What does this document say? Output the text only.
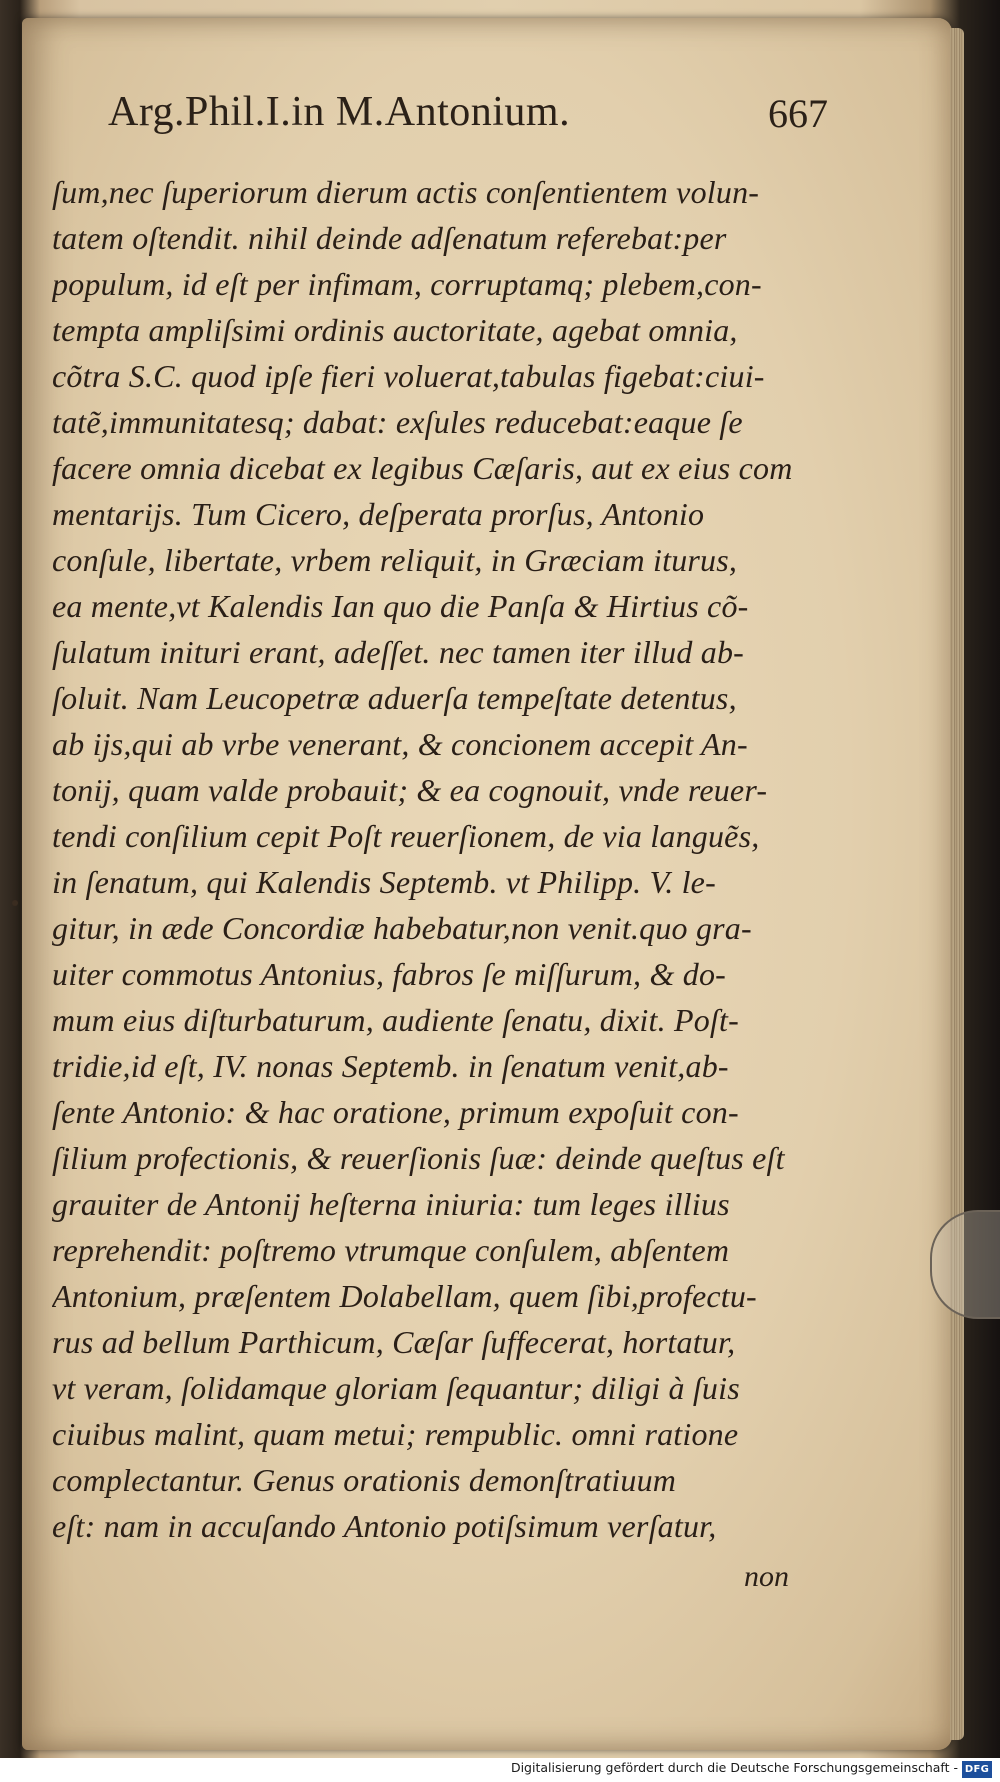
Arg.Phil.I.in M.Antonium.	667
ſum,nec ſuperiorum dierum actis conſentientem volun-
tatem oſtendit. nihil deinde adſenatum referebat:per
populum, id eſt per infimam, corruptamq; plebem,con-
tempta ampliſsimi ordinis auctoritate, agebat omnia,
cõtra S.C. quod ipſe fieri voluerat,tabulas figebat:ciui-
tatẽ,immunitatesq; dabat: exſules reducebat:eaque ſe
facere omnia dicebat ex legibus Cæſaris, aut ex eius com
mentarijs. Tum Cicero, deſperata prorſus, Antonio
conſule, libertate, vrbem reliquit, in Græciam iturus,
ea mente,vt Kalendis Ian quo die Panſa & Hirtius cõ-
ſulatum inituri erant, adeſſet. nec tamen iter illud ab-
ſoluit. Nam Leucopetræ aduerſa tempeſtate detentus,
ab ijs,qui ab vrbe venerant, & concionem accepit An-
tonij, quam valde probauit; & ea cognouit, vnde reuer-
tendi conſilium cepit Poſt reuerſionem, de via languẽs,
in ſenatum, qui Kalendis Septemb. vt Philipp. V. le-
gitur, in æde Concordiæ habebatur,non venit.quo gra-
uiter commotus Antonius, fabros ſe miſſurum, & do-
mum eius diſturbaturum, audiente ſenatu, dixit. Poſt-
tridie,id eſt, IV. nonas Septemb. in ſenatum venit,ab-
ſente Antonio: & hac oratione, primum expoſuit con-
ſilium profectionis, & reuerſionis ſuæ: deinde queſtus eſt
grauiter de Antonij heſterna iniuria: tum leges illius
reprehendit: poſtremo vtrumque conſulem, abſentem
Antonium, præſentem Dolabellam, quem ſibi,profectu-
rus ad bellum Parthicum, Cæſar ſuffecerat, hortatur,
vt veram, ſolidamque gloriam ſequantur; diligi à ſuis
ciuibus malint, quam metui; rempublic. omni ratione
complectantur. Genus orationis demonſtratiuum
eſt: nam in accuſando Antonio potiſsimum verſatur,
non
Digitalisierung gefördert durch die Deutsche Forschungsgemeinschaft - DFG
